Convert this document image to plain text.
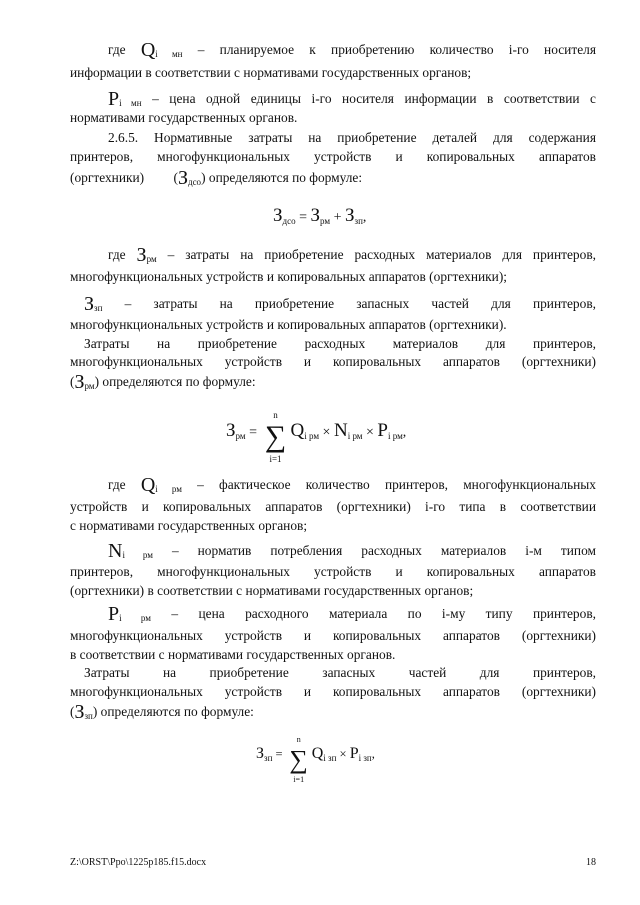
где $Q_{i мн}$ – планируемое к приобретению количество i-го носителя
информации в соответствии с нормативами государственных органов;
$P_{i мн}$ – цена одной единицы i-го носителя информации в соответствии с
нормативами государственных органов.
2.6.5. Нормативные затраты на приобретение деталей для содержания
принтеров, многофункциональных устройств и копировальных аппаратов
(оргтехники) $(З_{дсо})$ определяются по формуле:
$З_{дсо} = З_{рм} + З_{зп}$,
где $З_{рм}$ – затраты на приобретение расходных материалов для принтеров,
многофункциональных устройств и копировальных аппаратов (оргтехники);
$З_{зп}$ – затраты на приобретение запасных частей для принтеров,
многофункциональных устройств и копировальных аппаратов (оргтехники).
Затраты на приобретение расходных материалов для принтеров,
многофункциональных устройств и копировальных аппаратов (оргтехники)
$(З_{рм})$ определяются по формуле:
$З_{рм}$ =
n
∑
i=1
$Q_{i рм} \times N_{i рм} \times P_{i рм}$,
где $Q_{i рм}$ – фактическое количество принтеров, многофункциональных
устройств и копировальных аппаратов (оргтехники) i-го типа в соответствии
с нормативами государственных органов;
$N_{i рм}$ – норматив потребления расходных материалов i-м типом
принтеров, многофункциональных устройств и копировальных аппаратов
(оргтехники) в соответствии с нормативами государственных органов;
$P_{i рм}$ – цена расходного материала по i-му типу принтеров,
многофункциональных устройств и копировальных аппаратов (оргтехники)
в соответствии с нормативами государственных органов.
Затраты на приобретение запасных частей для принтеров,
многофункциональных устройств и копировальных аппаратов (оргтехники)
$(З_{зп})$ определяются по формуле:
$З_{зп}$ =
n
∑
i=1
$Q_{i зп} \times P_{i зп}$,
Z:\ORST\Ppo\1225p185.f15.docx	18
